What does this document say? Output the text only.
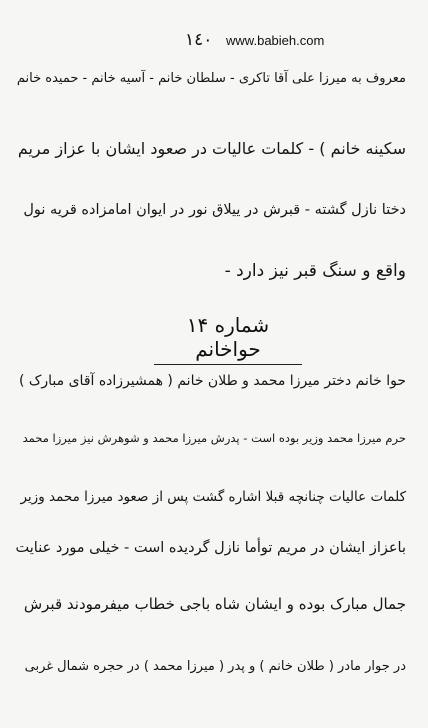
١٤٠ www.babieh.com
معروف به میرزا علی آقا تاکری - سلطان خانم - آسیه خانم - حمیده خانم
سکینه خانم ) - کلمات عالیات در صعود ایشان با عزاز مریم
دختا نازل گشته - قبرش در ییلاق نور در ایوان امامزاده قریه نول
واقع و سنگ قبر نیز دارد -
شماره ۱۴ حواخانم
حوا خانم دختر میرزا محمد و طلان خانم ( همشیرزاده آقای مبارک )
حرم میرزا محمد وزیر بوده است - پدرش میرزا محمد و شوهرش نیز میرزا محمد
کلمات عالیات چنانچه قبلا اشاره گشت پس از صعود میرزا محمد وزیر
باعزاز ایشان در مریم توأما نازل گردیده است - خیلی مورد عنایت
جمال مبارک بوده و ایشان شاه باجی خطاب میفرمودند قبرش
در جوار مادر ( طلان خانم ) و پدر ( میرزا محمد ) در حجره شمال غربی
